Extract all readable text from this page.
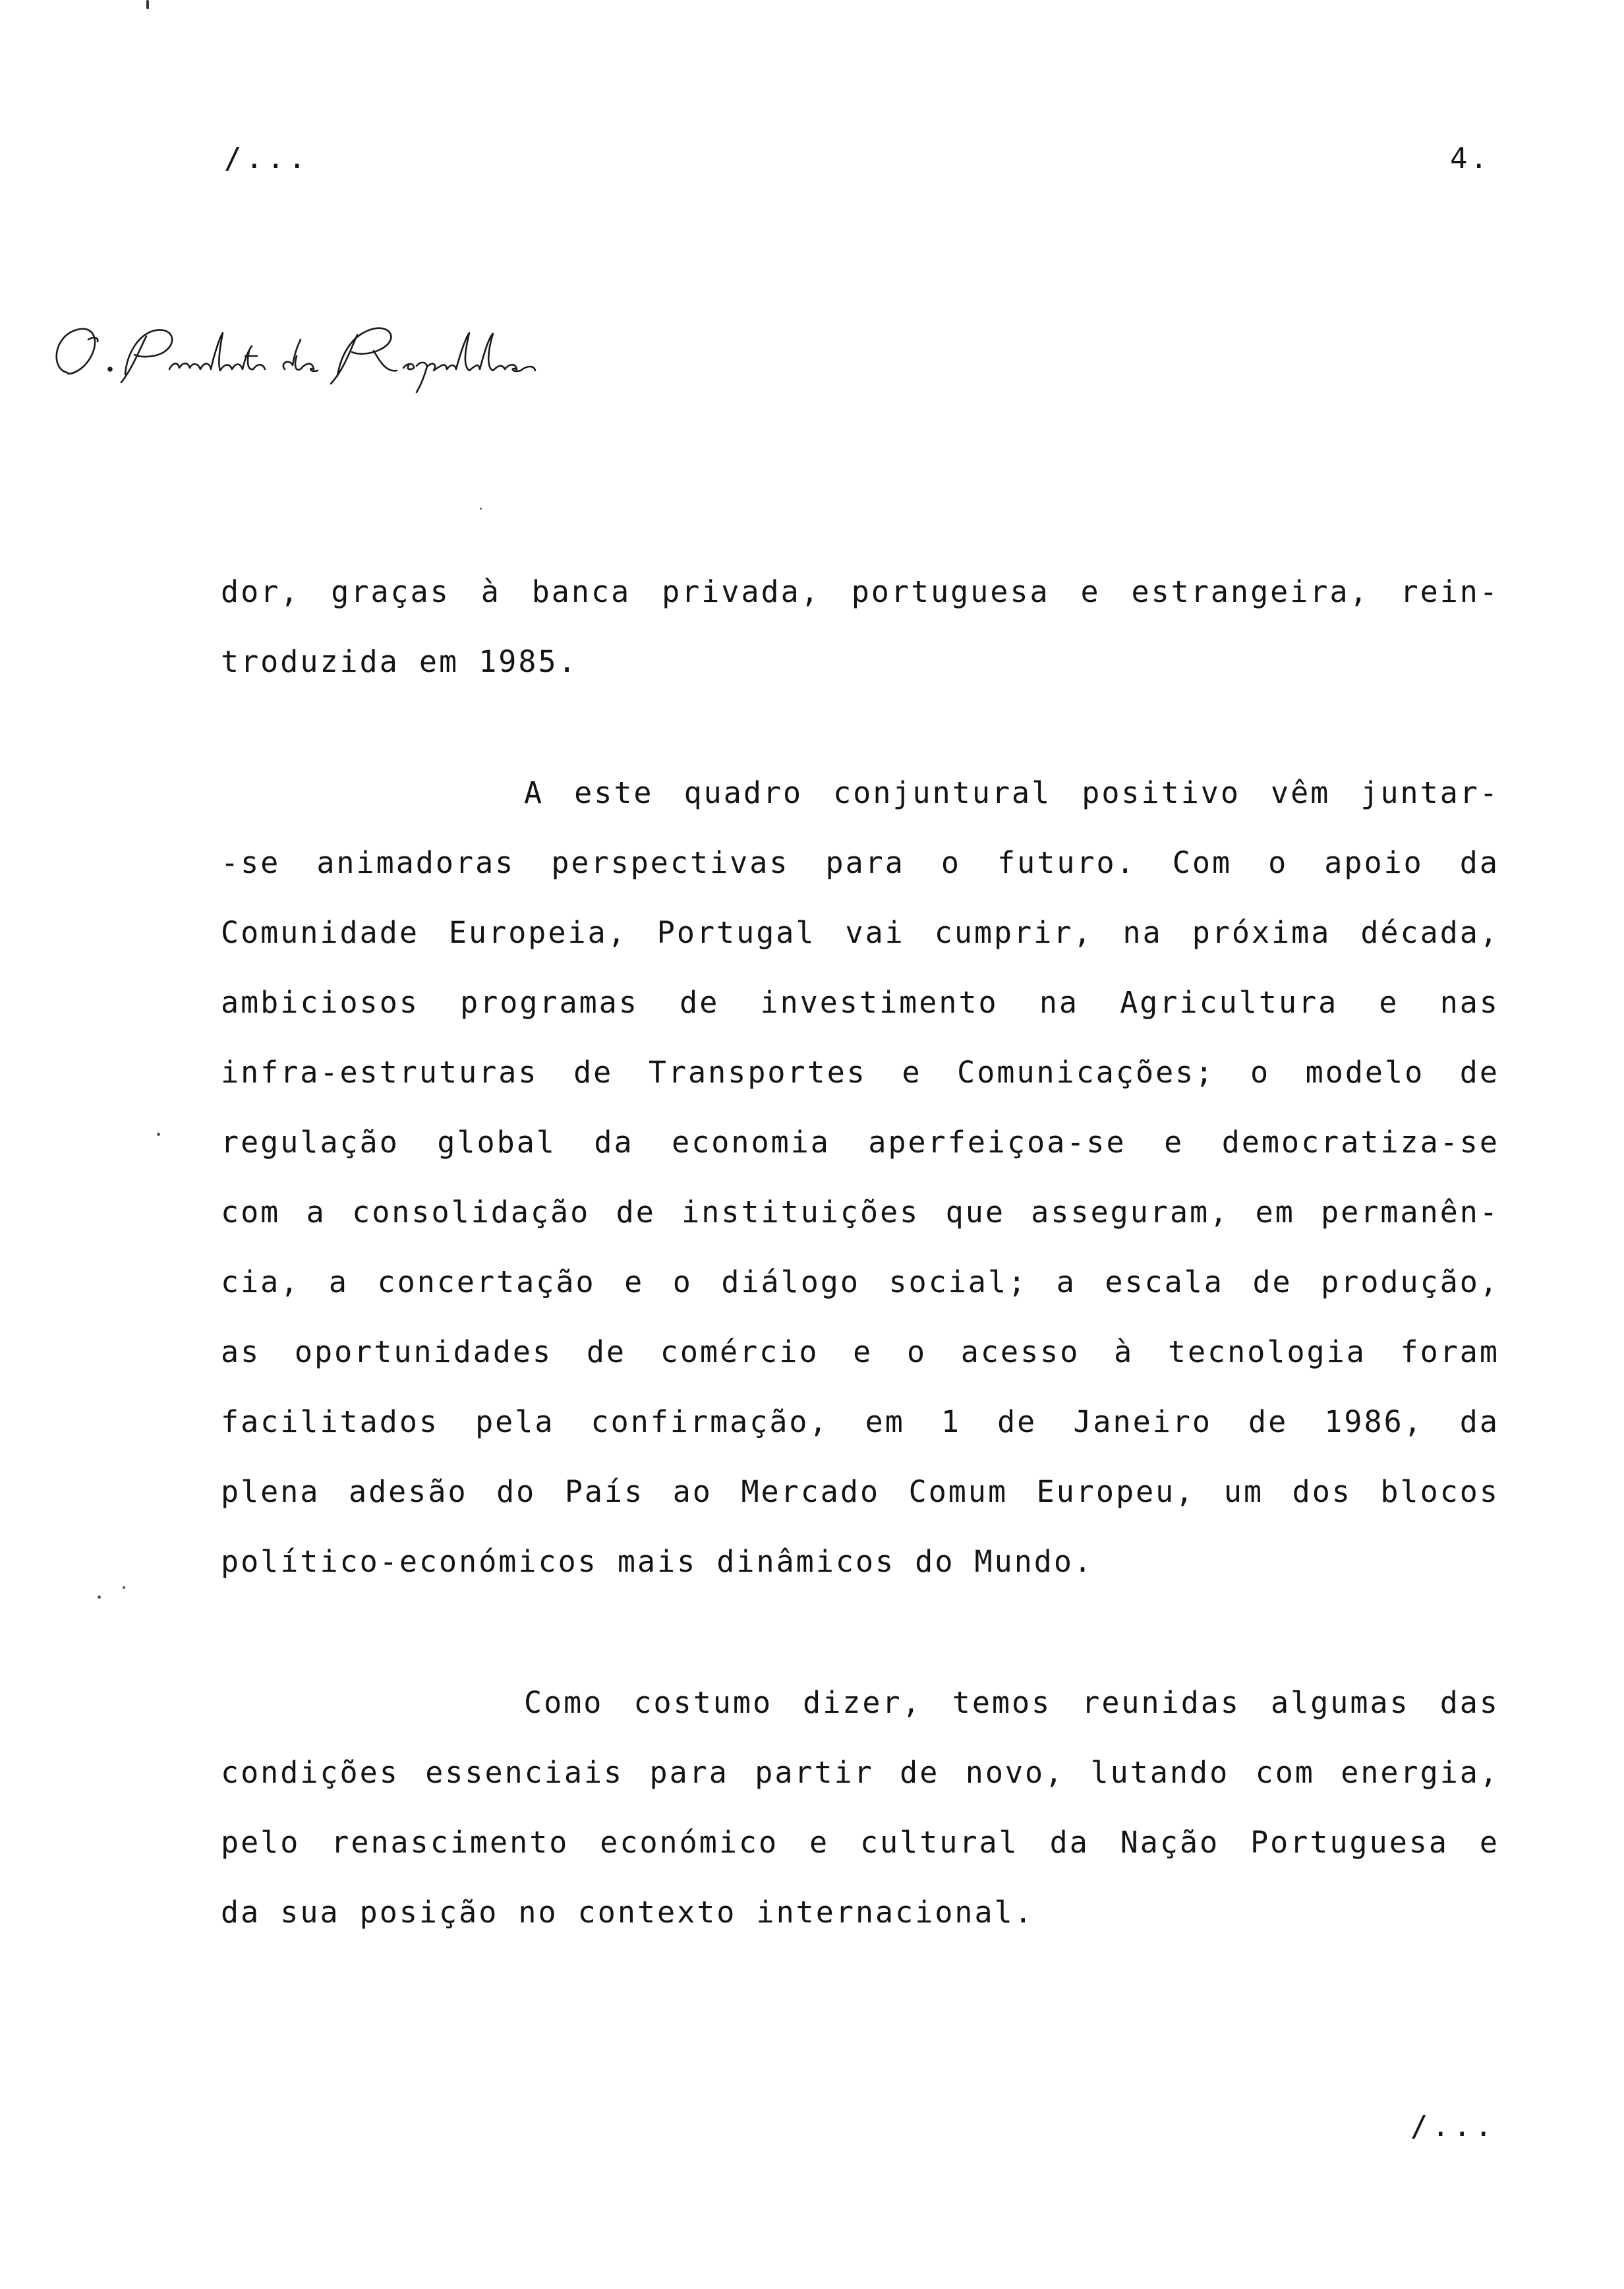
/...	4.
dor, graças à banca privada, portuguesa e estrangeira, rein-
troduzida em 1985.
A este quadro conjuntural positivo vêm juntar-
-se animadoras perspectivas para o futuro. Com o apoio da
Comunidade Europeia, Portugal vai cumprir, na próxima década,
ambiciosos programas de investimento na Agricultura e nas
infra-estruturas de Transportes e Comunicações; o modelo de
regulação global da economia aperfeiçoa-se e democratiza-se
com a consolidação de instituições que asseguram, em permanên-
cia, a concertação e o diálogo social; a escala de produção,
as oportunidades de comércio e o acesso à tecnologia foram
facilitados pela confirmação, em 1 de Janeiro de 1986, da
plena adesão do País ao Mercado Comum Europeu, um dos blocos
político-económicos mais dinâmicos do Mundo.
Como costumo dizer, temos reunidas algumas das
condições essenciais para partir de novo, lutando com energia,
pelo renascimento económico e cultural da Nação Portuguesa e
da sua posição no contexto internacional.
/...
